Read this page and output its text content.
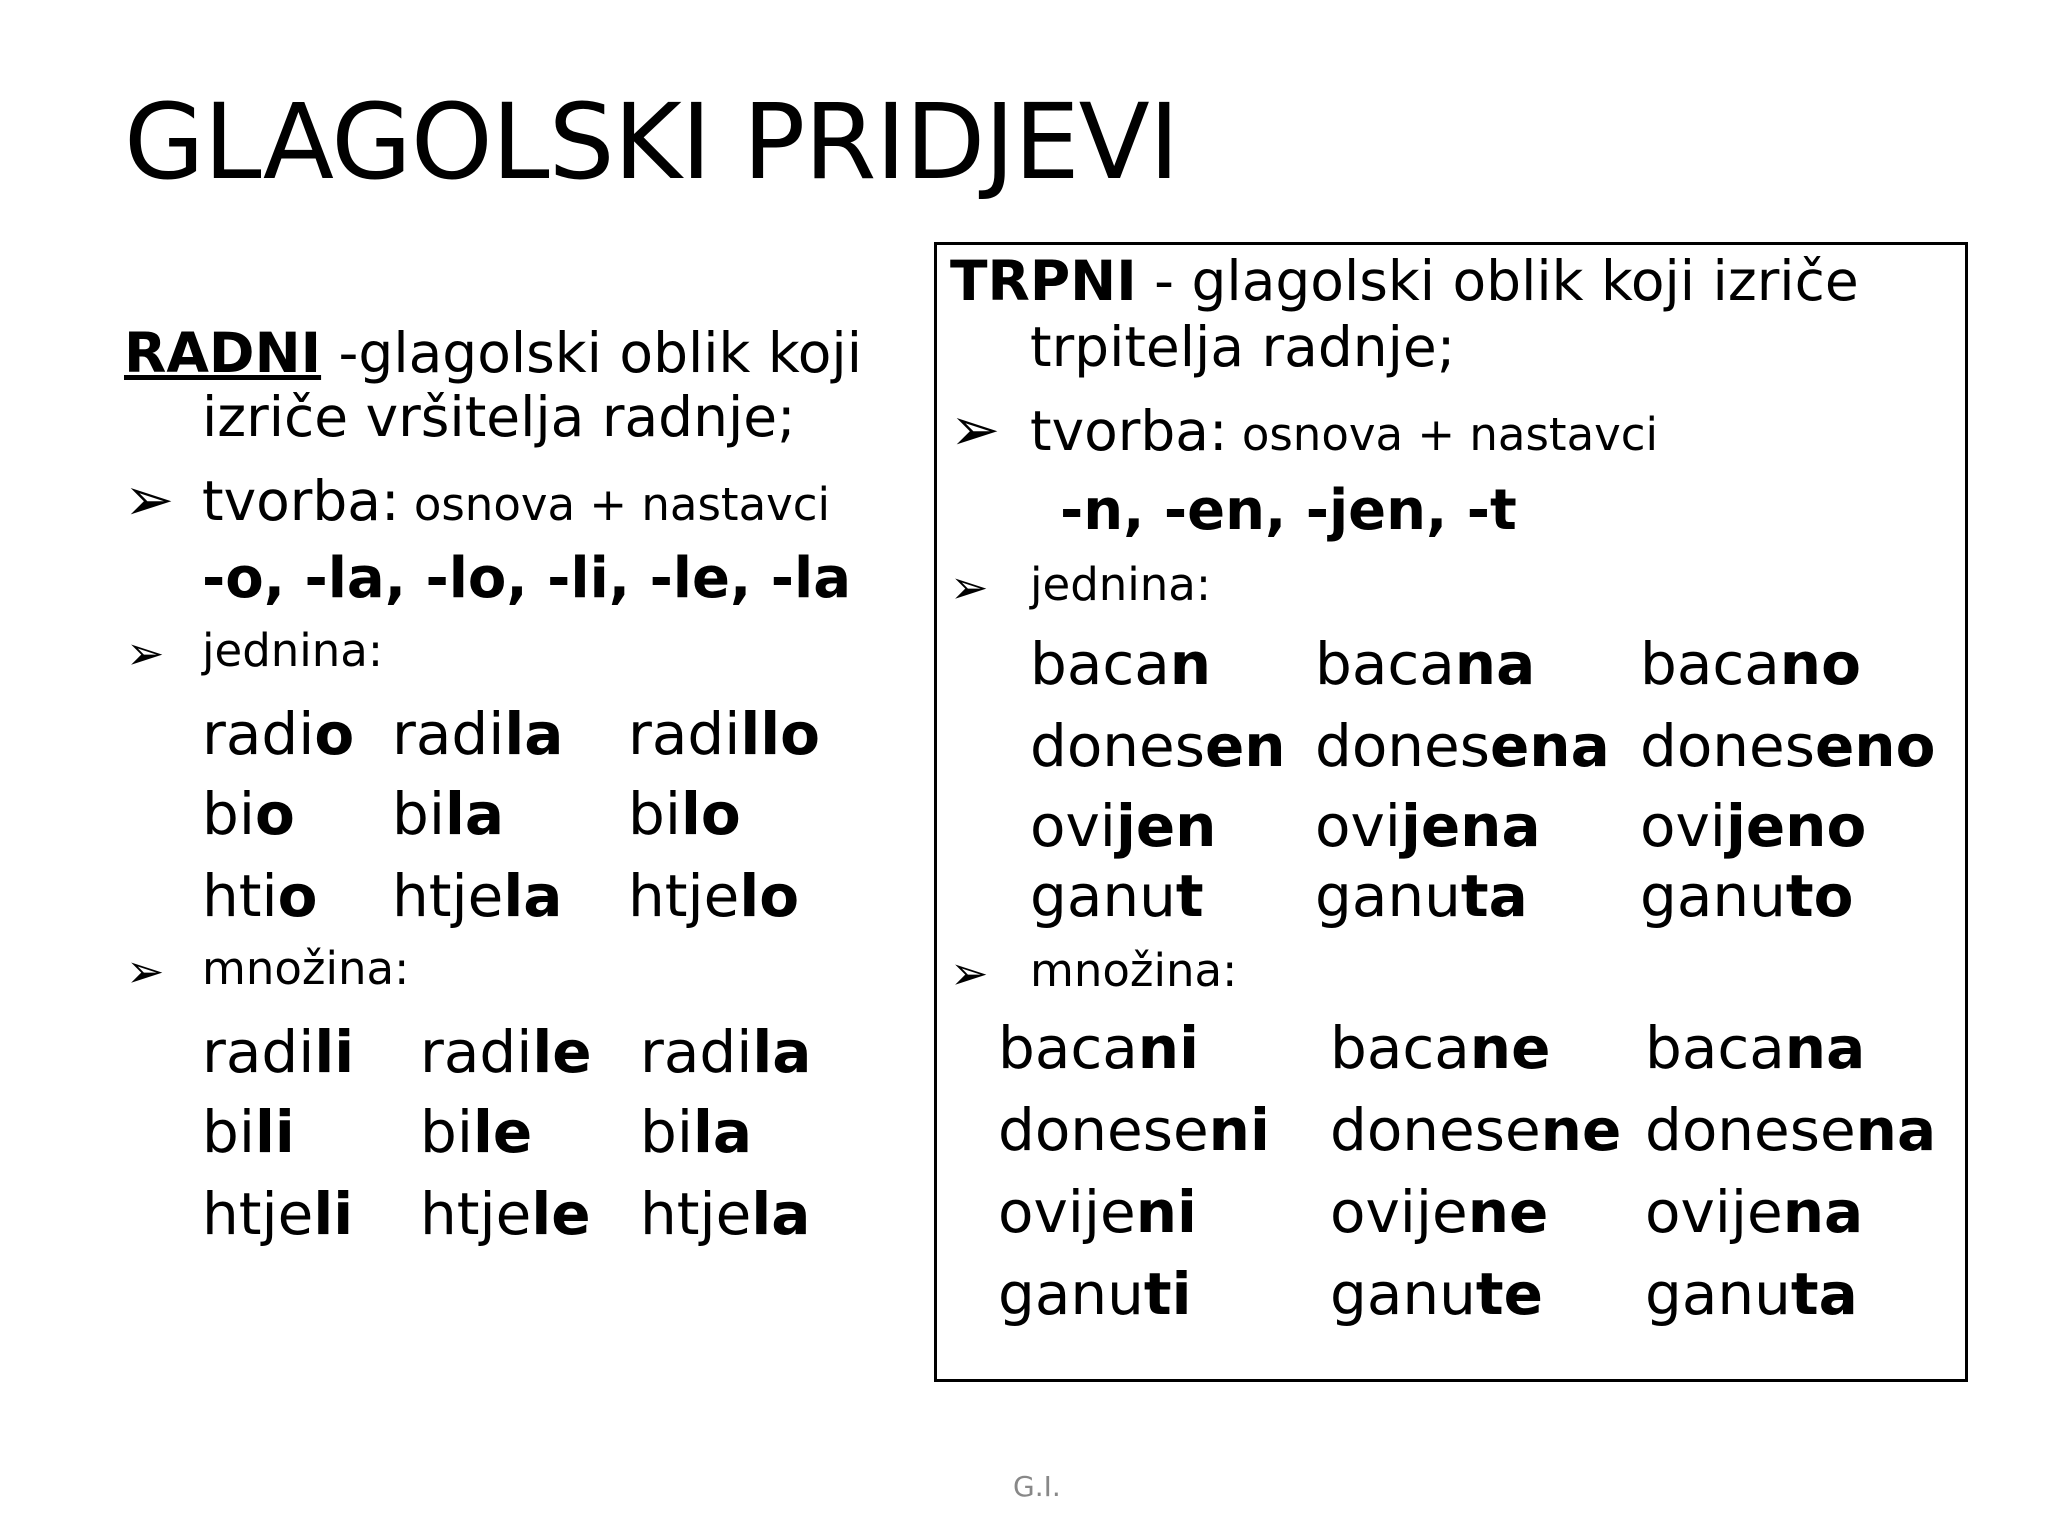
GLAGOLSKI PRIDJEVI
RADNI -glagolski oblik koji
izriče vršitelja radnje;
➢ tvorba: osnova + nastavci
-o, -la, -lo, -li, -le, -la
➢ jednina:
radio radila radillo
bio bila bilo
htio htjela htjelo
➢ množina:
radili radile radila
bili bile bila
htjeli htjele htjela
TRPNI - glagolski oblik koji izriče
trpitelja radnje;
➢ tvorba: osnova + nastavci
-n, -en, -jen, -t
➢ jednina:
bacan bacana bacano
donesen donesena doneseno
ovijen ovijena ovijeno
ganut ganuta ganuto
➢ množina:
bacani bacane bacana
doneseni donesene donesena
ovijeni ovijene ovijena
ganuti ganute ganuta
G.I.
